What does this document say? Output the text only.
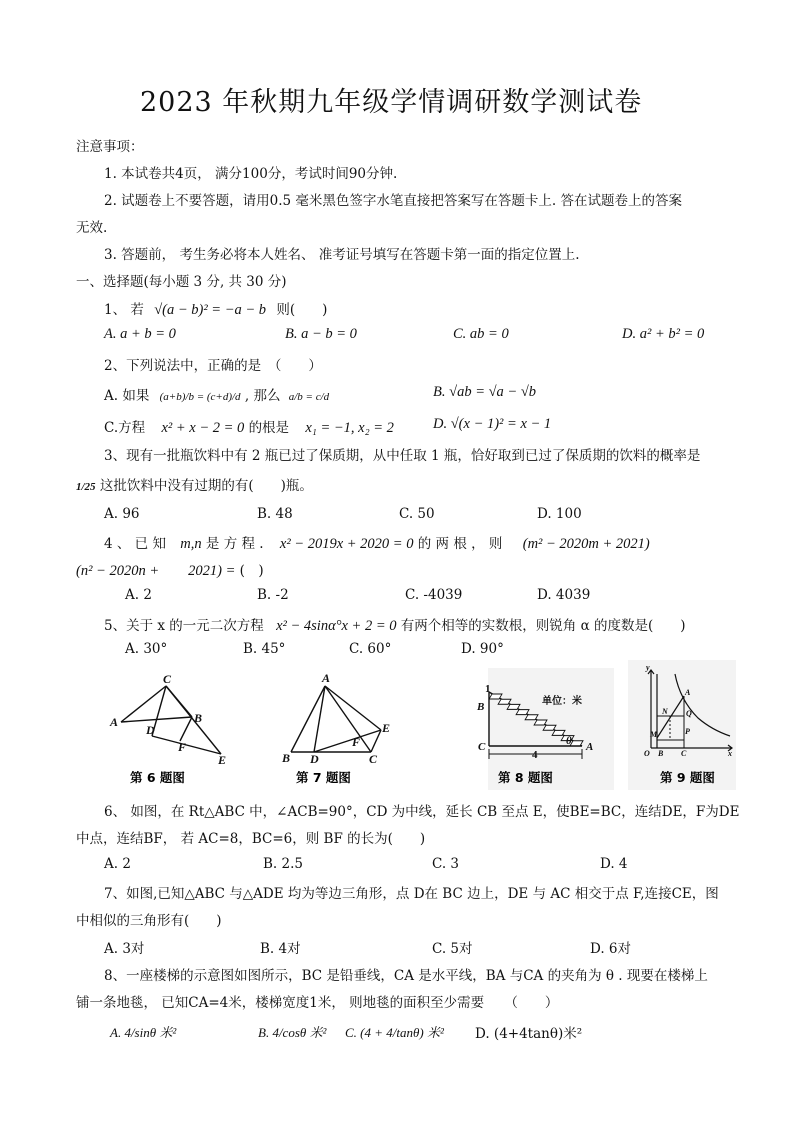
2023 年秋期九年级学情调研数学测试卷
注意事项：
1. 本试卷共4页， 满分100分，考试时间90分钟.
2. 试题卷上不要答题，请用0.5 毫米黑色签字水笔直接把答案写在答题卡上. 答在试题卷上的答案
无效.
3. 答题前， 考生务必将本人姓名、 准考证号填写在答题卡第一面的指定位置上.
一、选择题(每小题 3 分, 共 30 分)
1、 若 √(a − b)² = −a − b 则(　　)
A. a + b = 0	B. a − b = 0	C. ab = 0	D. a² + b² = 0
2、下列说法中，正确的是　（　　）
A. 如果 (a+b)/b = (c+d)/d , 那么 a/b = c/d	B. √ab = √a − √b
C.方程 x² + x − 2 = 0 的根是 x₁ = −1, x₂ = 2	D. √(x − 1)² = x − 1
3、现有一批瓶饮料中有 2 瓶已过了保质期，从中任取 1 瓶，恰好取到已过了保质期的饮料的概率是
1/25 这批饮料中没有过期的有(　　)瓶。
A. 96	B. 48	C. 50	D. 100
4 、 已 知 m,n 是 方 程 . x² − 2019x + 2020 = 0 的 两 根 ， 则 (m² − 2020m + 2021)
(n² − 2020n +　　2021) = (　)
A. 2	B. -2	C. -4039	D. 4039
5、关于 x 的一元二次方程 x² − 4sinα°x + 2 = 0 有两个相等的实数根，则锐角 α 的度数是(　　)
A. 30°	B. 45°	C. 60°	D. 90°
C
A
D
B
F
E
第 6 题图
A
E
F
B D	C
第 7 题图
1
B	单位：米
C
4
θ A
第 8 题图
y
A
N Q
M	P
O B C	x
第 9 题图
6、 如图，在 Rt△ABC 中，∠ACB=90°，CD 为中线，延长 CB 至点 E，使BE=BC，连结DE，F为DE
中点，连结BF， 若 AC=8，BC=6，则 BF 的长为(　　)
A. 2	B. 2.5	C. 3	D. 4
7、如图,已知△ABC 与△ADE 均为等边三角形，点 D在 BC 边上，DE 与 AC 相交于点 F,连接CE，图
中相似的三角形有(　　)
A. 3对	B. 4对	C. 5对	D. 6对
8、一座楼梯的示意图如图所示，BC 是铅垂线，CA 是水平线，BA 与CA 的夹角为 θ . 现要在楼梯上
铺一条地毯， 已知CA=4米，楼梯宽度1米， 则地毯的面积至少需要　　（　　）
A. 4/sinθ 米²	B. 4/cosθ 米² C. (4 + 4/tanθ) 米² D. (4+4tanθ)米²
